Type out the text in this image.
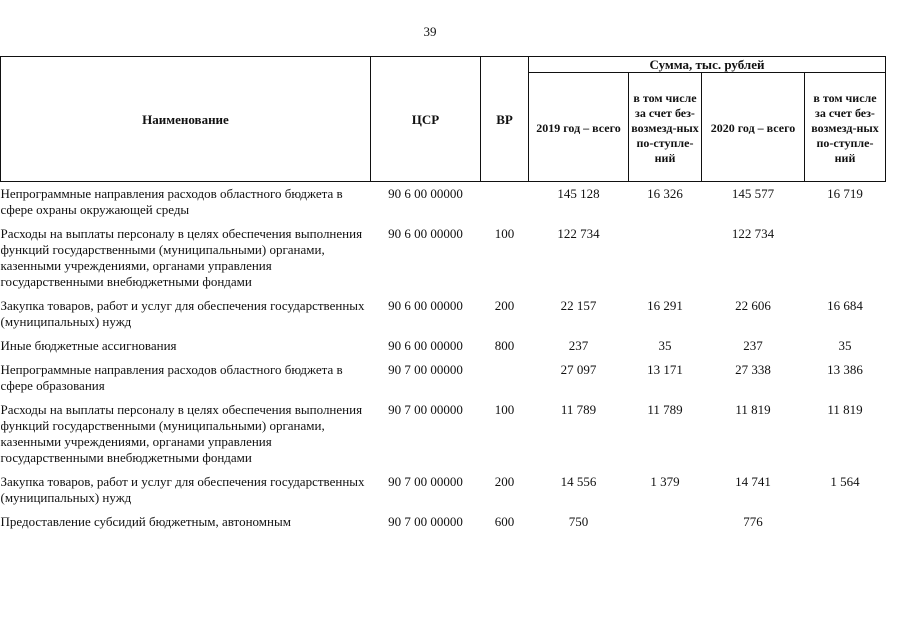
39
Наименование	ЦСР	ВР	Сумма, тыс. рублей			
			2019 год – всего	в том числе за счет без-возмезд-ных по-ступле-ний	2020 год – всего	в том числе за счет без-возмезд-ных по-ступле-ний
Непрограммные направления расходов областного бюджета в сфере охраны окружающей среды	90 6 00 00000		145 128	16 326	145 577	16 719
Расходы на выплаты персоналу в целях обеспечения выполнения функций государственными (муниципальными) органами, казенными учреждениями, органами управления государственными внебюджетными фондами	90 6 00 00000	100	122 734		122 734	
Закупка товаров, работ и услуг для обеспечения государственных (муниципальных) нужд	90 6 00 00000	200	22 157	16 291	22 606	16 684
Иные бюджетные ассигнования	90 6 00 00000	800	237	35	237	35
Непрограммные направления расходов областного бюджета в сфере образования	90 7 00 00000		27 097	13 171	27 338	13 386
Расходы на выплаты персоналу в целях обеспечения выполнения функций государственными (муниципальными) органами, казенными учреждениями, органами управления государственными внебюджетными фондами	90 7 00 00000	100	11 789	11 789	11 819	11 819
Закупка товаров, работ и услуг для обеспечения государственных (муниципальных) нужд	90 7 00 00000	200	14 556	1 379	14 741	1 564
Предоставление субсидий бюджетным, автономным	90 7 00 00000	600	750		776	
